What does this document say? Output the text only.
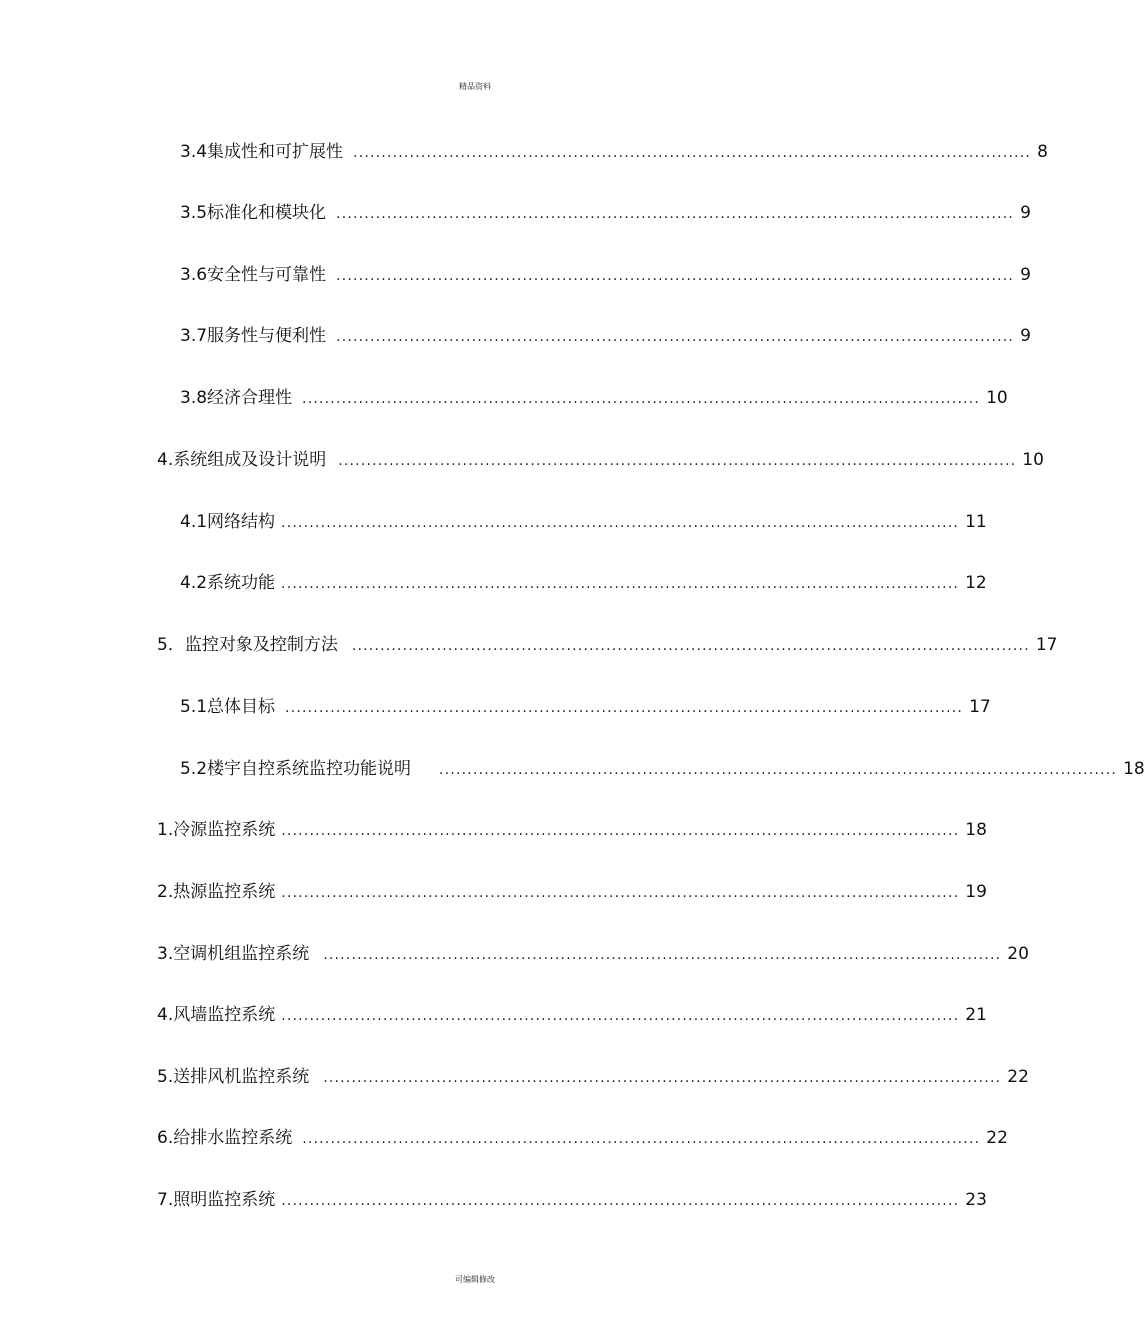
精品资料
3.4 集成性和可扩展性 ........................................................................................................................ 8
3.5 标准化和模块化 ........................................................................................................................ 9
3.6 安全性与可靠性 ........................................................................................................................ 9
3.7 服务性与便利性 ........................................................................................................................ 9
3.8 经济合理性 ........................................................................................................................ 10
4. 系统组成及设计说明 ........................................................................................................................ 10
4.1 网络结构 ........................................................................................................................ 11
4.2 系统功能 ........................................................................................................................ 12
5． 监控对象及控制方法	........................................................................................................................ 17
5.1 总体目标 ........................................................................................................................ 17
5.2 楼宇自控系统监控功能说明	........................................................................................................................ 18
1. 冷源监控系统 ........................................................................................................................ 18
2. 热源监控系统 ........................................................................................................................ 19
3. 空调机组监控系统	........................................................................................................................ 20
4. 风墙监控系统 ........................................................................................................................ 21
5. 送排风机监控系统	........................................................................................................................ 22
6. 给排水监控系统 ........................................................................................................................ 22
7. 照明监控系统 ........................................................................................................................ 23
可编辑修改
